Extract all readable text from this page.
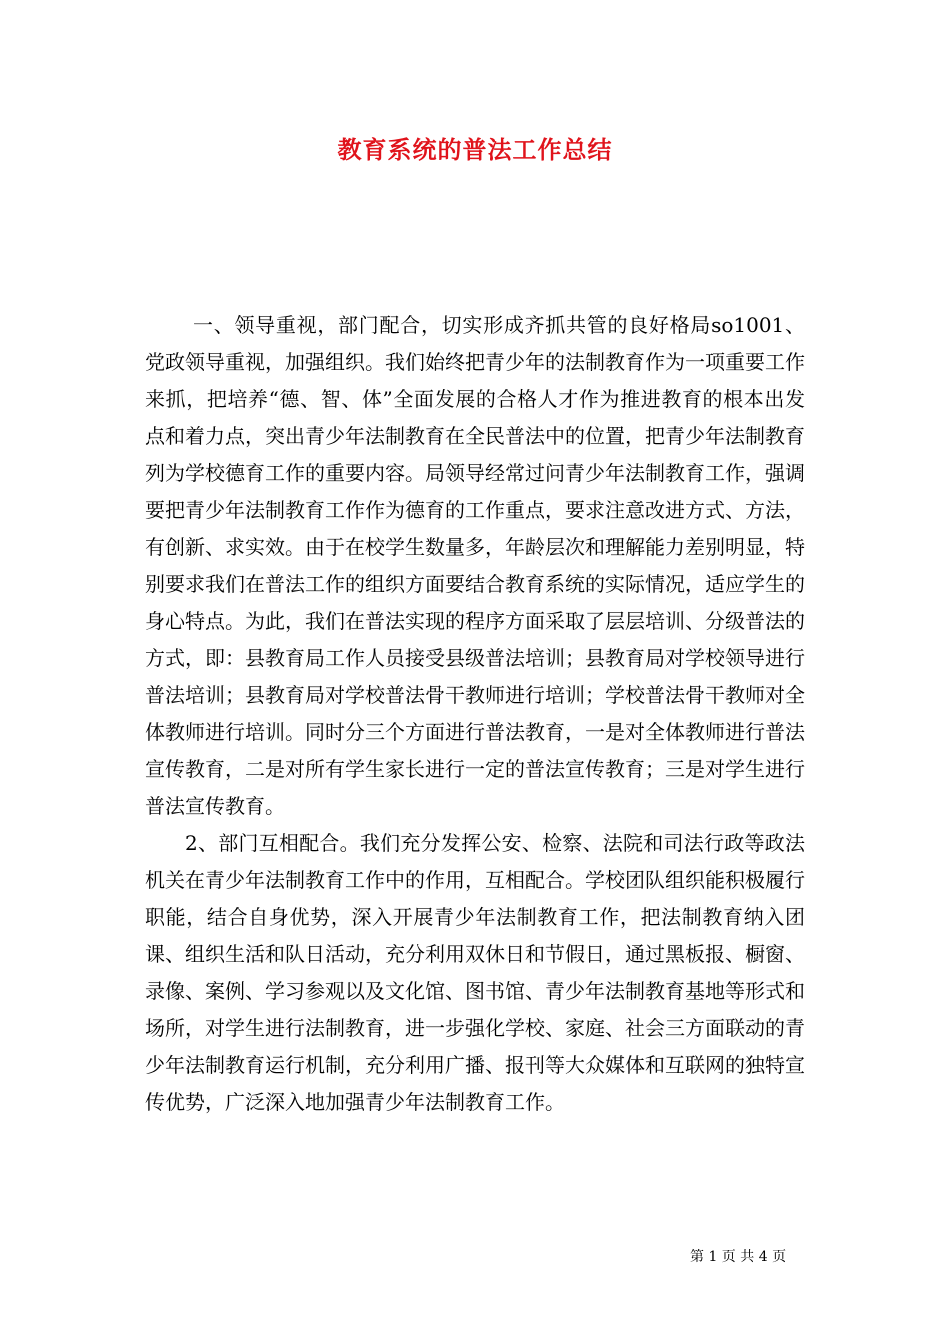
教育系统的普法工作总结

一、领导重视，部门配合，切实形成齐抓共管的良好格局so1001、党政领导重视，加强组织。我们始终把青少年的法制教育作为一项重要工作来抓，把培养“德、智、体”全面发展的合格人才作为推进教育的根本出发点和着力点，突出青少年法制教育在全民普法中的位置，把青少年法制教育列为学校德育工作的重要内容。局领导经常过问青少年法制教育工作，强调要把青少年法制教育工作作为德育的工作重点，要求注意改进方式、方法，有创新、求实效。由于在校学生数量多，年龄层次和理解能力差别明显，特别要求我们在普法工作的组织方面要结合教育系统的实际情况，适应学生的身心特点。为此，我们在普法实现的程序方面采取了层层培训、分级普法的方式，即：县教育局工作人员接受县级普法培训；县教育局对学校领导进行普法培训；县教育局对学校普法骨干教师进行培训；学校普法骨干教师对全体教师进行培训。同时分三个方面进行普法教育，一是对全体教师进行普法宣传教育，二是对所有学生家长进行一定的普法宣传教育；三是对学生进行普法宣传教育。

2、部门互相配合。我们充分发挥公安、检察、法院和司法行政等政法机关在青少年法制教育工作中的作用，互相配合。学校团队组织能积极履行职能，结合自身优势，深入开展青少年法制教育工作，把法制教育纳入团课、组织生活和队日活动，充分利用双休日和节假日，通过黑板报、橱窗、录像、案例、学习参观以及文化馆、图书馆、青少年法制教育基地等形式和场所，对学生进行法制教育，进一步强化学校、家庭、社会三方面联动的青少年法制教育运行机制，充分利用广播、报刊等大众媒体和互联网的独特宣传优势，广泛深入地加强青少年法制教育工作。

第 1 页 共 4 页
